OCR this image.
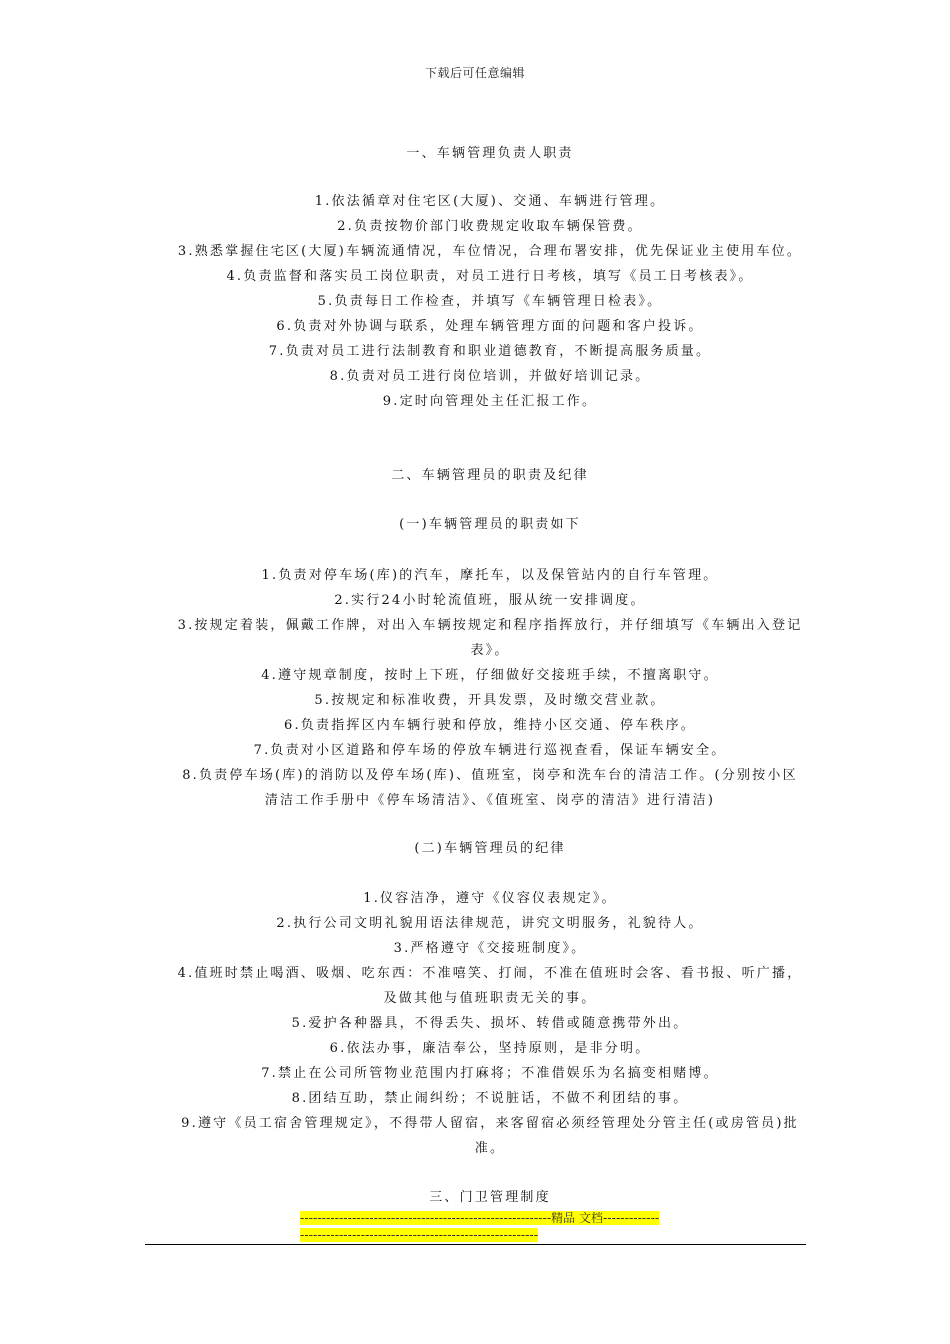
下载后可任意编辑
一、车辆管理负责人职责
1.依法循章对住宅区(大厦)、交通、车辆进行管理。
2.负责按物价部门收费规定收取车辆保管费。
3.熟悉掌握住宅区(大厦)车辆流通情况，车位情况，合理布署安排，优先保证业主使用车位。
4.负责监督和落实员工岗位职责，对员工进行日考核，填写《员工日考核表》。
5.负责每日工作检查，并填写《车辆管理日检表》。
6.负责对外协调与联系，处理车辆管理方面的问题和客户投诉。
7.负责对员工进行法制教育和职业道德教育，不断提高服务质量。
8.负责对员工进行岗位培训，并做好培训记录。
9.定时向管理处主任汇报工作。
二、车辆管理员的职责及纪律
(一)车辆管理员的职责如下
1.负责对停车场(库)的汽车，摩托车，以及保管站内的自行车管理。
2.实行24小时轮流值班，服从统一安排调度。
3.按规定着装，佩戴工作牌，对出入车辆按规定和程序指挥放行，并仔细填写《车辆出入登记表》。
4.遵守规章制度，按时上下班，仔细做好交接班手续，不擅离职守。
5.按规定和标准收费，开具发票，及时缴交营业款。
6.负责指挥区内车辆行驶和停放，维持小区交通、停车秩序。
7.负责对小区道路和停车场的停放车辆进行巡视查看，保证车辆安全。
8.负责停车场(库)的消防以及停车场(库)、值班室，岗亭和洗车台的清洁工作。(分别按小区清洁工作手册中《停车场清洁》、《值班室、岗亭的清洁》进行清洁)
(二)车辆管理员的纪律
1.仪容洁净，遵守《仪容仪表规定》。
2.执行公司文明礼貌用语法律规范，讲究文明服务，礼貌待人。
3.严格遵守《交接班制度》。
4.值班时禁止喝酒、吸烟、吃东西：不准嘻笑、打闹，不准在值班时会客、看书报、听广播，及做其他与值班职责无关的事。
5.爱护各种器具，不得丢失、损坏、转借或随意携带外出。
6.依法办事，廉洁奉公，坚持原则，是非分明。
7.禁止在公司所管物业范围内打麻将；不准借娱乐为名搞变相赌博。
8.团结互助，禁止闹纠纷；不说脏话，不做不利团结的事。
9.遵守《员工宿舍管理规定》，不得带人留宿，来客留宿必须经管理处分管主任(或房管员)批准。
三、门卫管理制度
----------------------------------------------------------精品 文档--------------------------------------------------------------------
